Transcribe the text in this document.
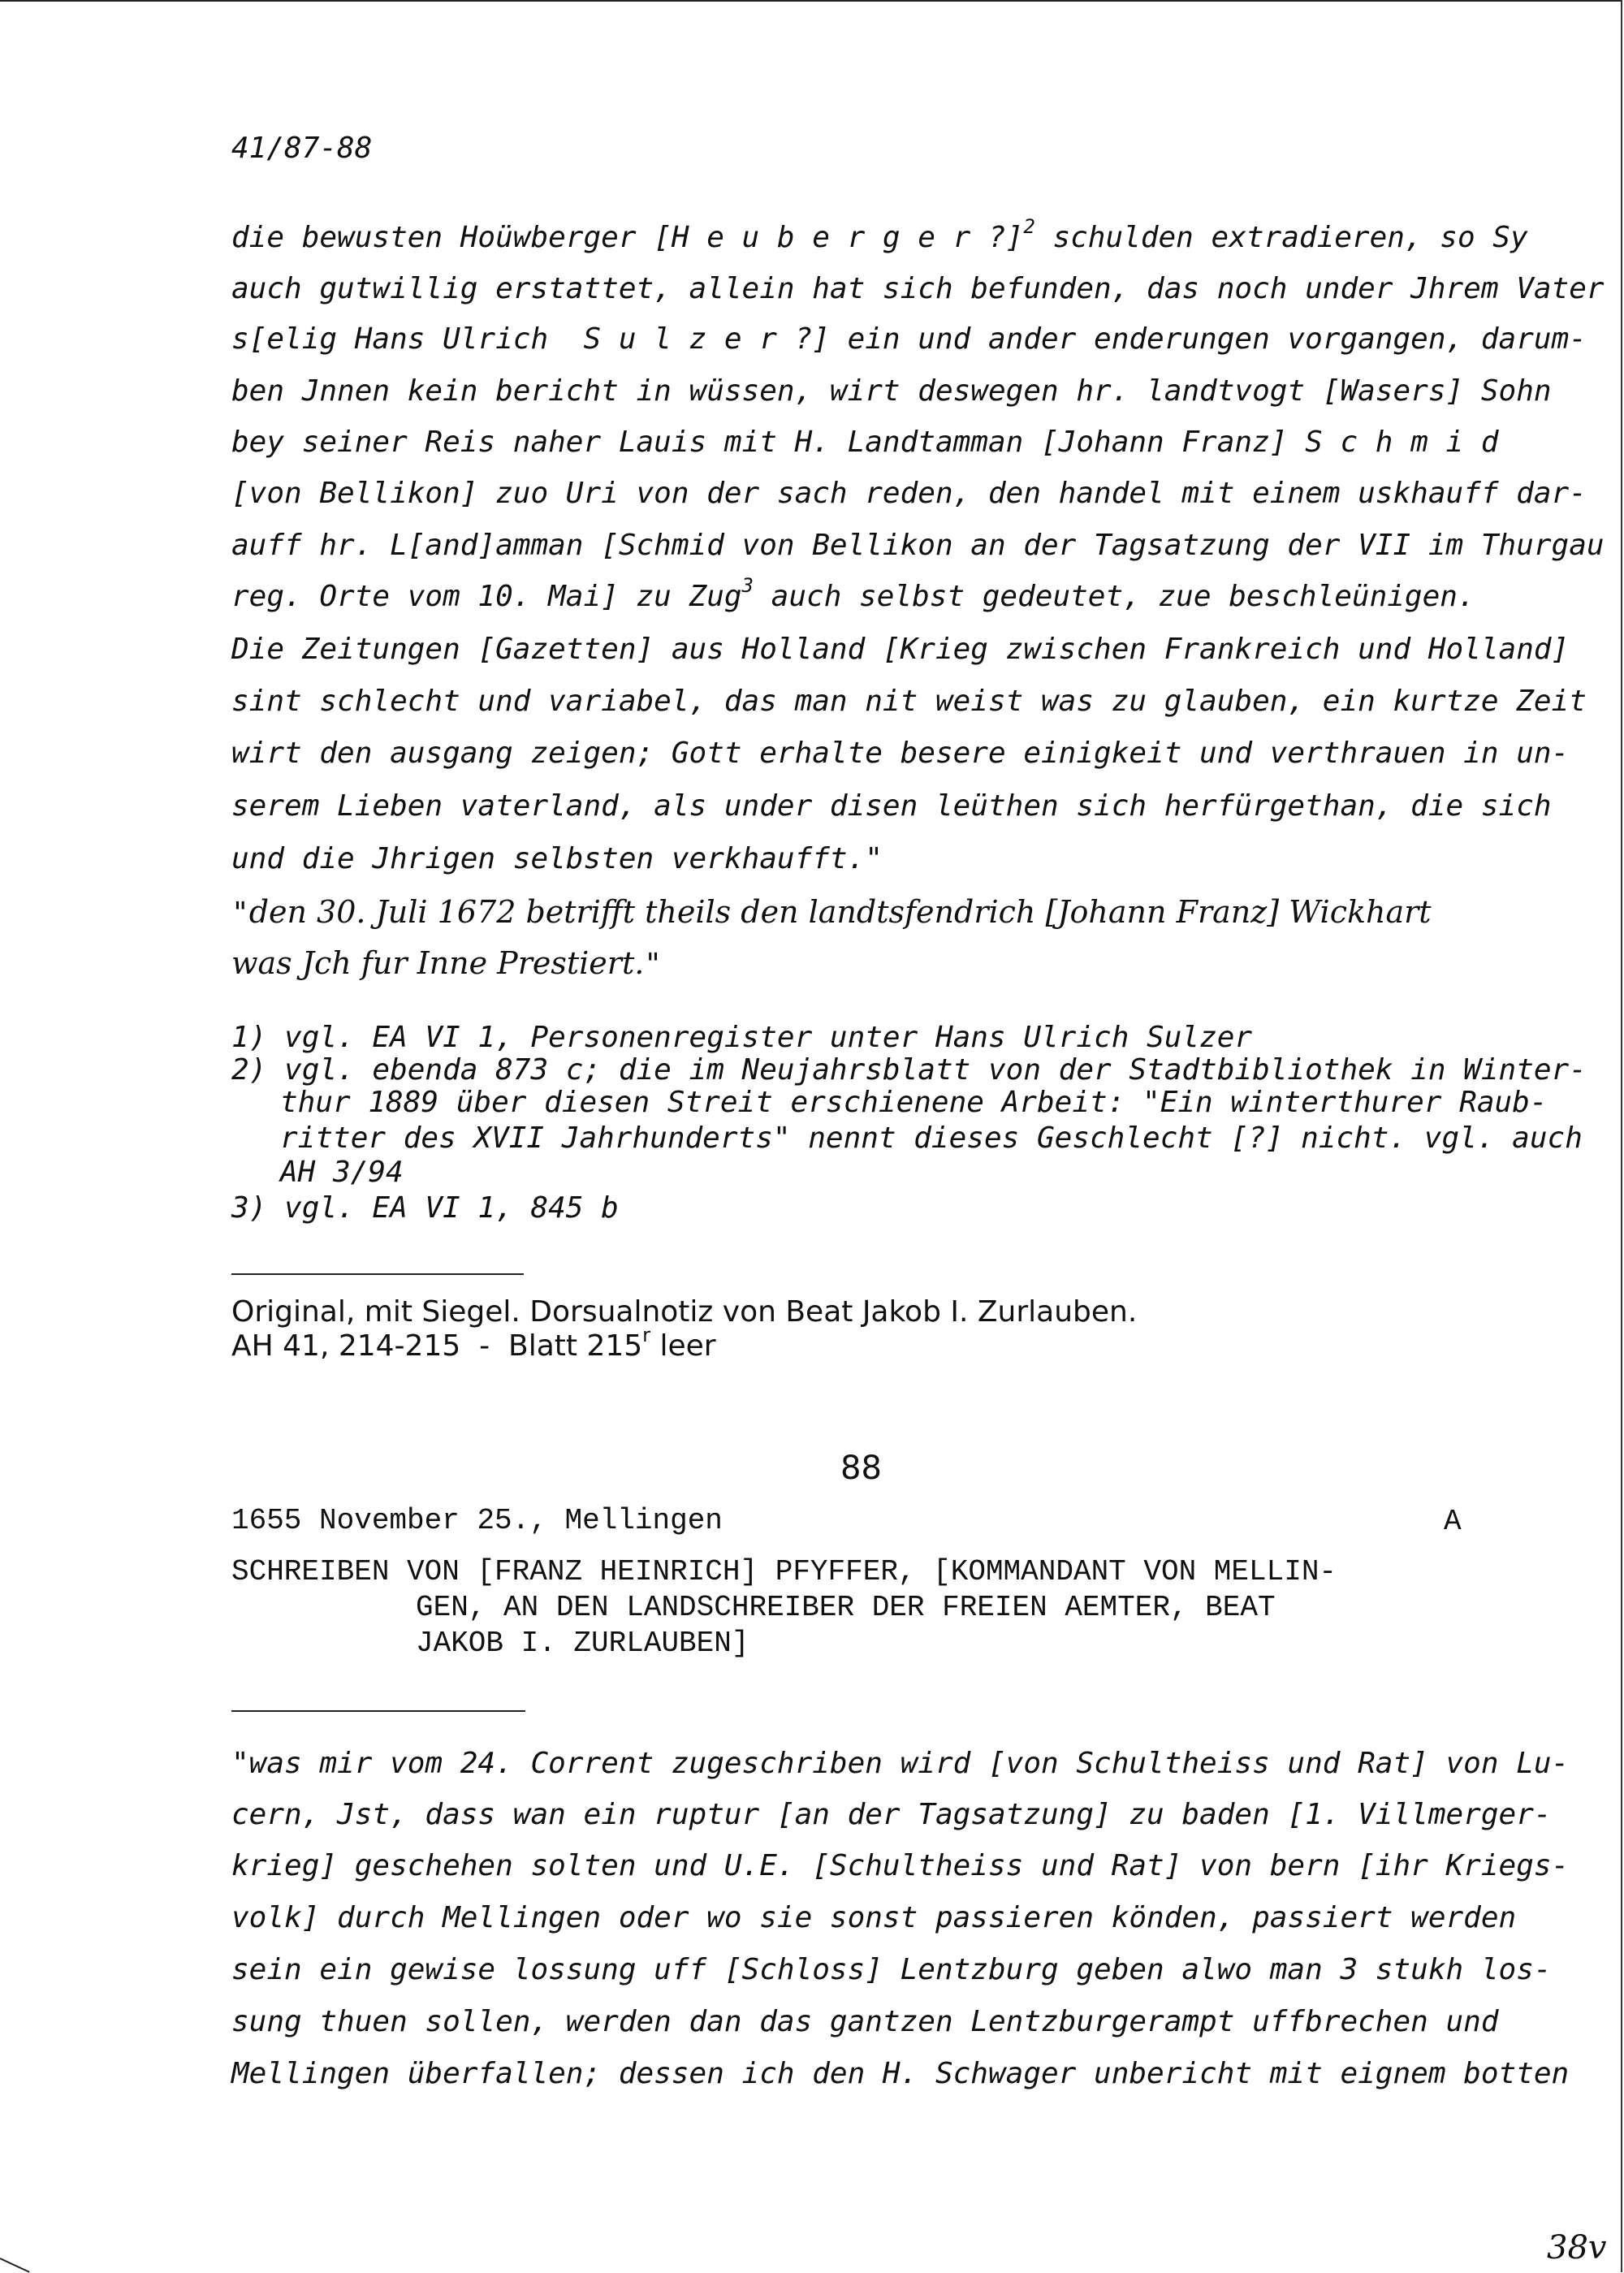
41/87-88
die bewusten Hoüwberger [H e u b e r g e r ?]$^2$ schulden extradieren, so Sy
auch gutwillig erstattet, allein hat sich befunden, das noch under Jhrem Vater
s[elig Hans Ulrich  S u l z e r ?] ein und ander enderungen vorgangen, darum-
ben Jnnen kein bericht in wüssen, wirt deswegen hr. landtvogt [Wasers] Sohn
bey seiner Reis naher Lauis mit H. Landtamman [Johann Franz] S c h m i d
[von Bellikon] zuo Uri von der sach reden, den handel mit einem uskhauff dar-
auff hr. L[and]amman [Schmid von Bellikon an der Tagsatzung der VII im Thurgau
reg. Orte vom 10. Mai] zu Zug$^3$ auch selbst gedeutet, zue beschleünigen.
Die Zeitungen [Gazetten] aus Holland [Krieg zwischen Frankreich und Holland]
sint schlecht und variabel, das man nit weist was zu glauben, ein kurtze Zeit
wirt den ausgang zeigen; Gott erhalte besere einigkeit und verthrauen in un-
serem Lieben vaterland, als under disen leüthen sich herfürgethan, die sich
und die Jhrigen selbsten verkhaufft."
"den 30. Juli 1672 betrifft theils den landtsfendrich [Johann Franz] Wickhart
was Jch fur Inne Prestiert."
1) vgl. EA VI 1, Personenregister unter Hans Ulrich Sulzer
2) vgl. ebenda 873 c; die im Neujahrsblatt von der Stadtbibliothek in Winter-
thur 1889 über diesen Streit erschienene Arbeit: "Ein winterthurer Raub-
ritter des XVII Jahrhunderts" nennt dieses Geschlecht [?] nicht. vgl. auch
AH 3/94
3) vgl. EA VI 1, 845 b
Original, mit Siegel. Dorsualnotiz von Beat Jakob I. Zurlauben.
AH 41, 214-215  -  Blatt 215$^r$ leer
88
1655 November 25., Mellingen	A
SCHREIBEN VON [FRANZ HEINRICH] PFYFFER, [KOMMANDANT VON MELLIN-
GEN, AN DEN LANDSCHREIBER DER FREIEN AEMTER, BEAT
JAKOB I. ZURLAUBEN]
"was mir vom 24. Corrent zugeschriben wird [von Schultheiss und Rat] von Lu-
cern, Jst, dass wan ein ruptur [an der Tagsatzung] zu baden [1. Villmerger-
krieg] geschehen solten und U.E. [Schultheiss und Rat] von bern [ihr Kriegs-
volk] durch Mellingen oder wo sie sonst passieren könden, passiert werden
sein ein gewise lossung uff [Schloss] Lentzburg geben alwo man 3 stukh los-
sung thuen sollen, werden dan das gantzen Lentzburgerampt uffbrechen und
Mellingen überfallen; dessen ich den H. Schwager unbericht mit eignem botten
38v
